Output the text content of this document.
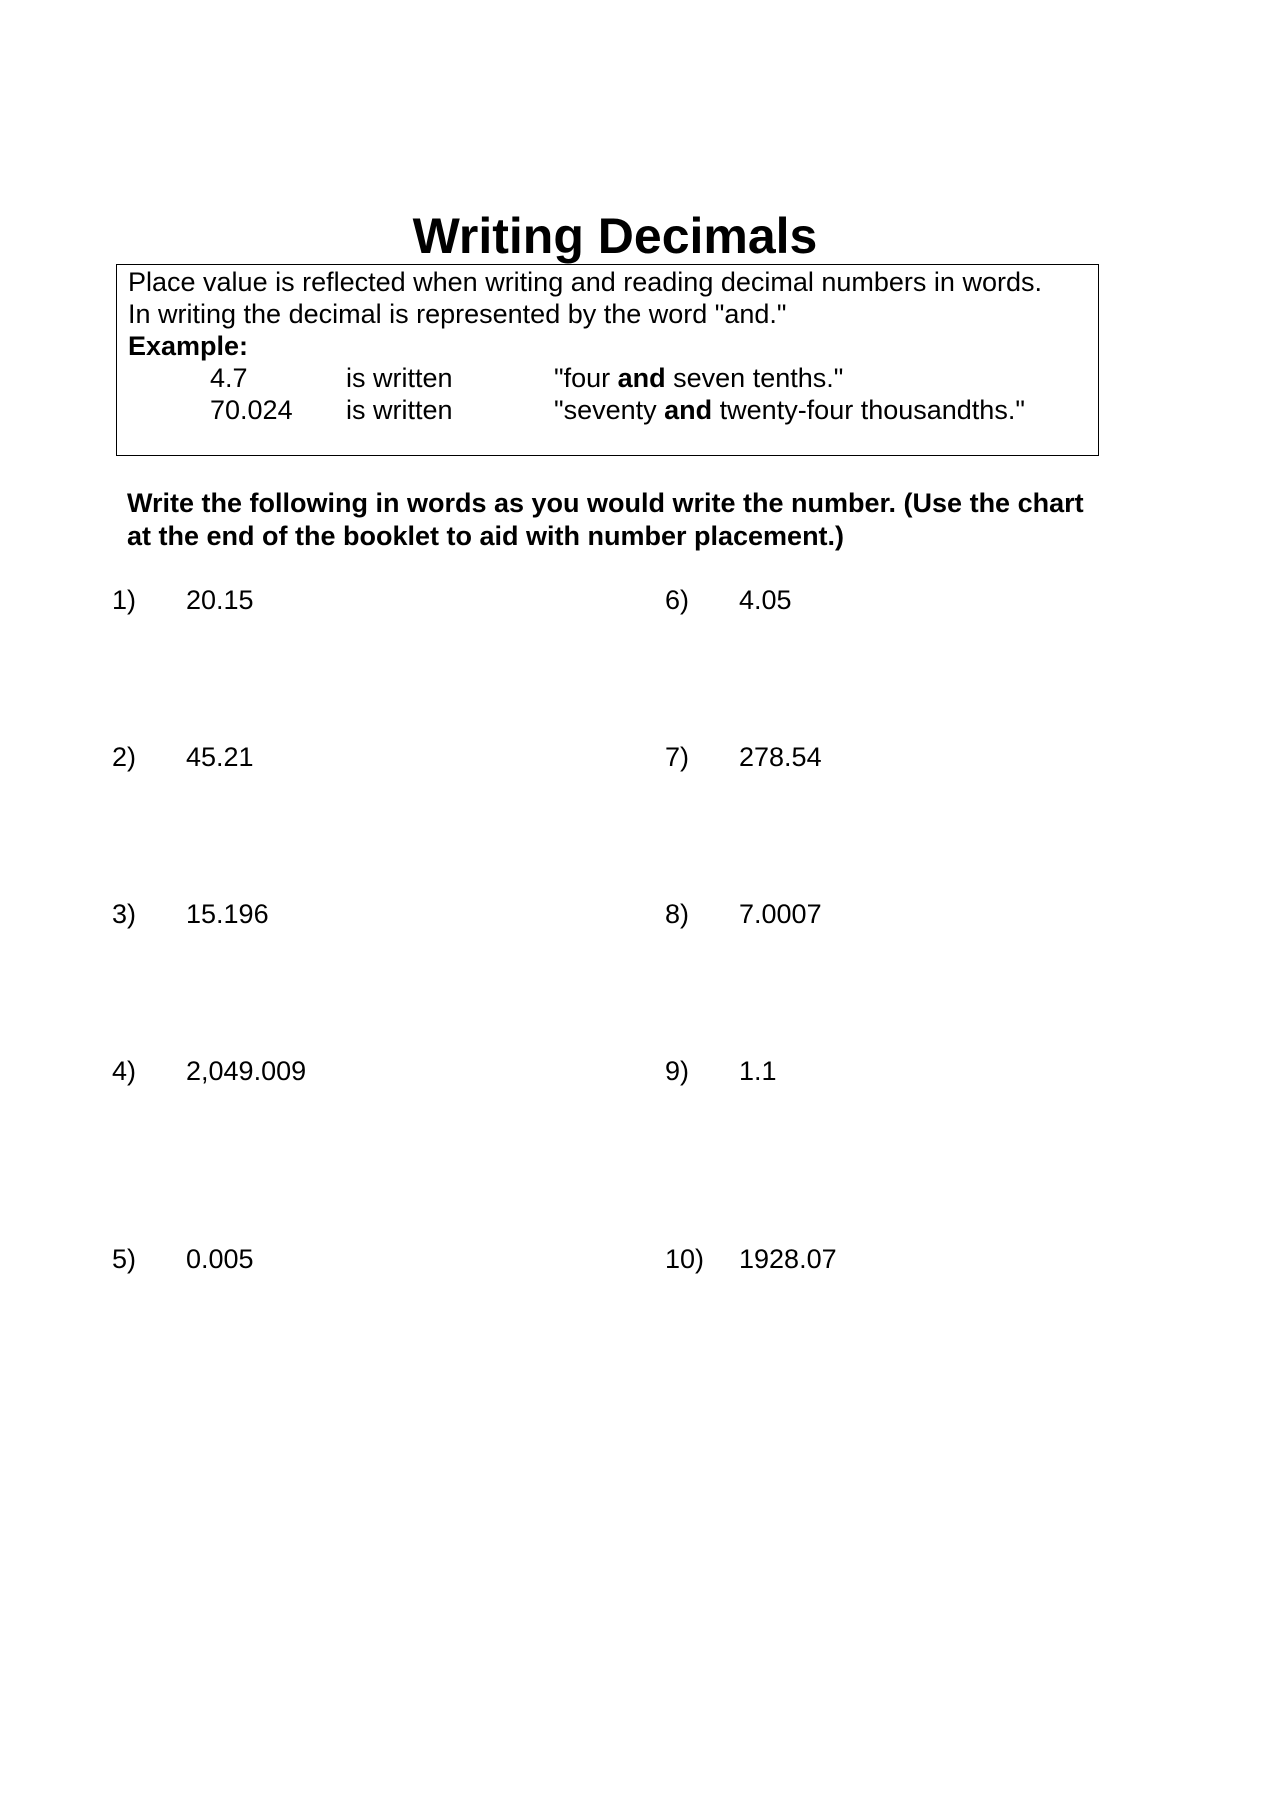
Writing Decimals
Place value is reflected when writing and reading decimal numbers in words.
In writing the decimal is represented by the word "and."
Example:
4.7	is written	"four and seven tenths."
70.024 is written	"seventy and twenty-four thousandths."

Write the following in words as you would write the number. (Use the chart at the end of the booklet to aid with number placement.)

1) 20.15
2) 45.21
3) 15.196
4) 2,049.009
5) 0.005
6) 4.05
7) 278.54
8) 7.0007
9) 1.1
10) 1928.07
